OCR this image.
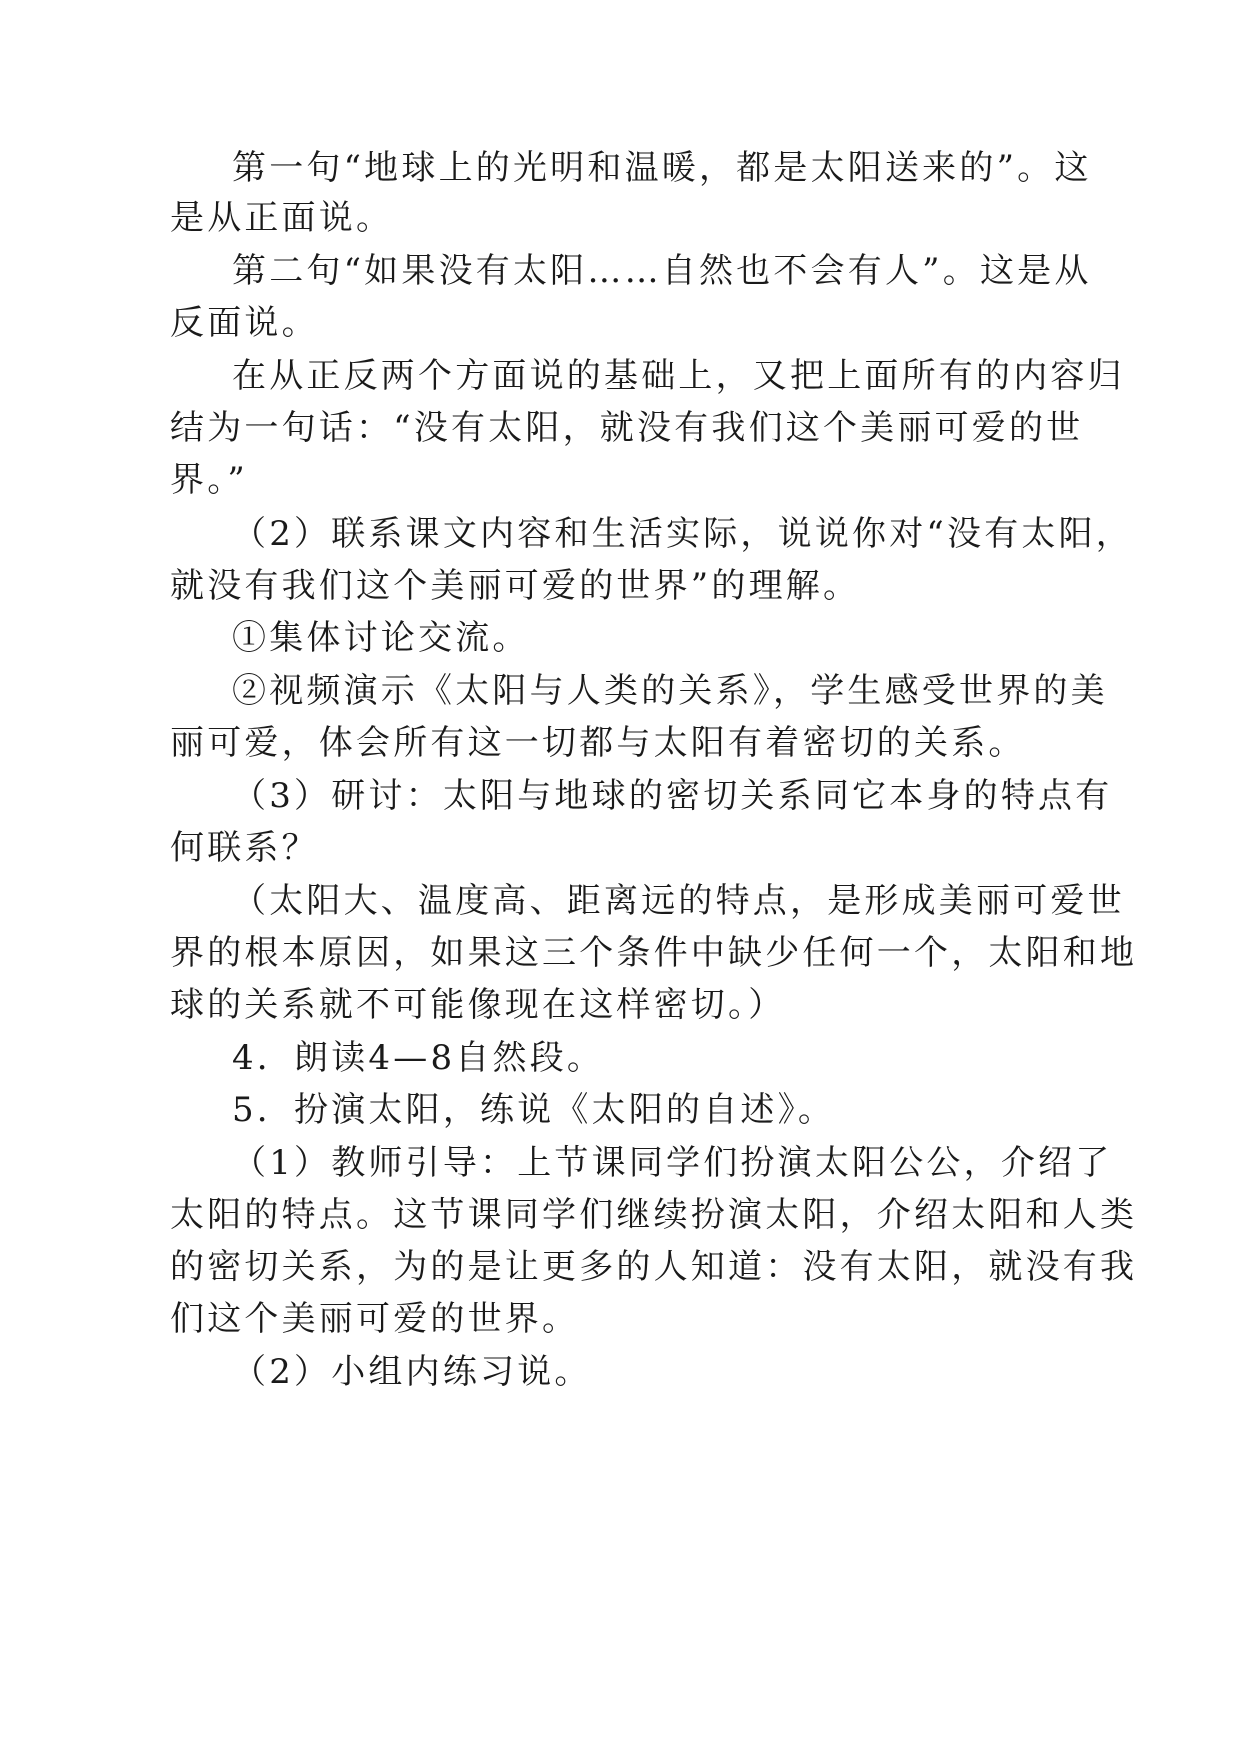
第一句“地球上的光明和温暖，都是太阳送来的”。这
是从正面说。
第二句“如果没有太阳……自然也不会有人”。这是从
反面说。
在从正反两个方面说的基础上，又把上面所有的内容归
结为一句话：“没有太阳，就没有我们这个美丽可爱的世
界。”
（2）联系课文内容和生活实际，说说你对“没有太阳，
就没有我们这个美丽可爱的世界”的理解。
①集体讨论交流。
②视频演示《太阳与人类的关系》，学生感受世界的美
丽可爱，体会所有这一切都与太阳有着密切的关系。
（3）研讨：太阳与地球的密切关系同它本身的特点有
何联系？
（太阳大、温度高、距离远的特点，是形成美丽可爱世
界的根本原因，如果这三个条件中缺少任何一个，太阳和地
球的关系就不可能像现在这样密切。）
4．朗读4—8自然段。
5．扮演太阳，练说《太阳的自述》。
（1）教师引导：上节课同学们扮演太阳公公，介绍了
太阳的特点。这节课同学们继续扮演太阳，介绍太阳和人类
的密切关系，为的是让更多的人知道：没有太阳，就没有我
们这个美丽可爱的世界。
（2）小组内练习说。
